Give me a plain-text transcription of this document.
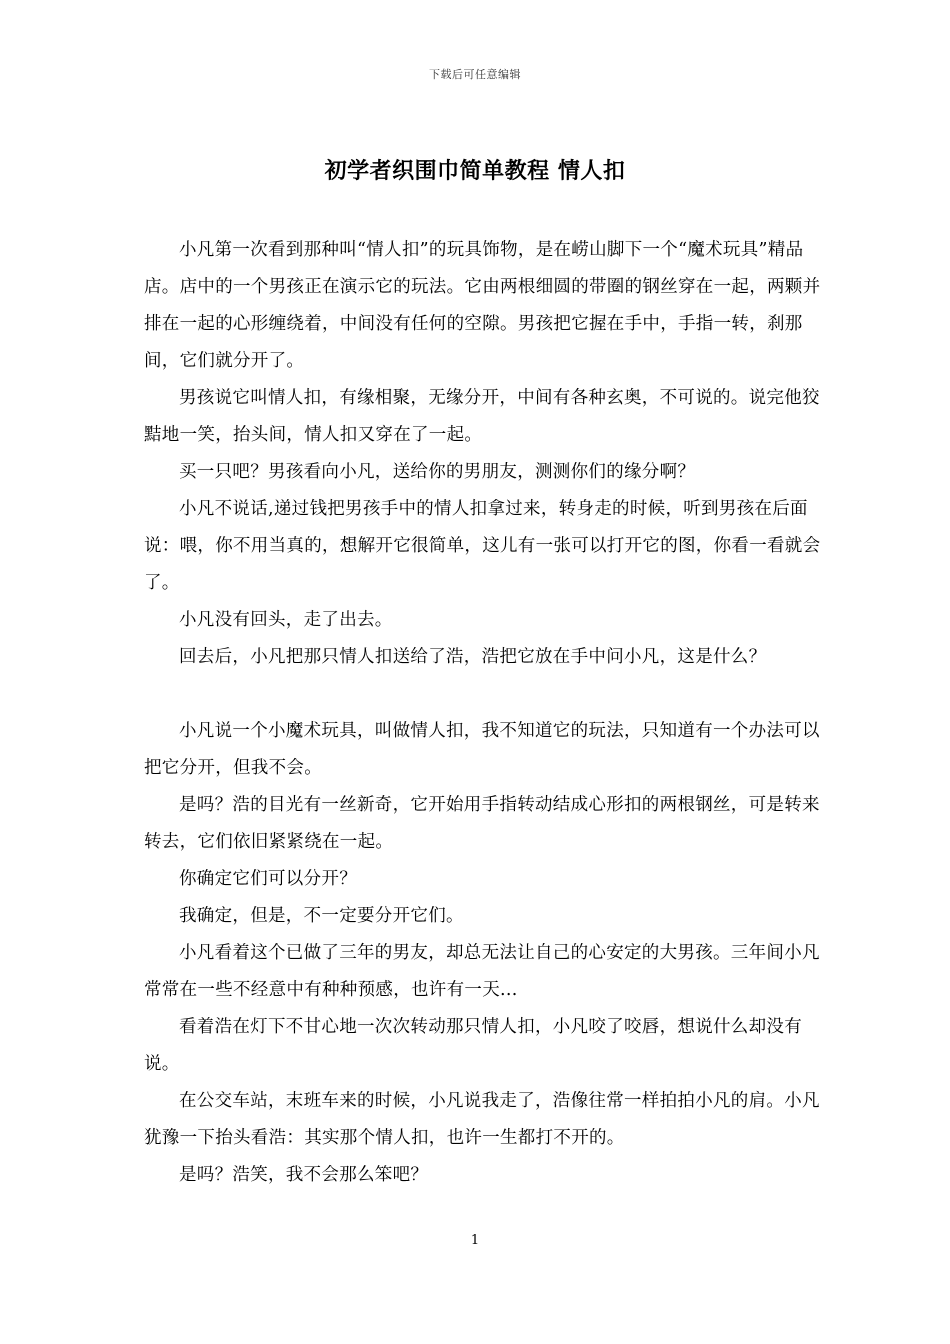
下载后可任意编辑
初学者织围巾简单教程 情人扣

小凡第一次看到那种叫“情人扣”的玩具饰物，是在崂山脚下一个“魔术玩具”精品店。店中的一个男孩正在演示它的玩法。它由两根细圆的带圈的钢丝穿在一起，两颗并排在一起的心形缠绕着，中间没有任何的空隙。男孩把它握在手中，手指一转，刹那间，它们就分开了。

男孩说它叫情人扣，有缘相聚，无缘分开，中间有各种玄奥，不可说的。说完他狡黠地一笑，抬头间，情人扣又穿在了一起。

买一只吧？男孩看向小凡，送给你的男朋友，测测你们的缘分啊？

小凡不说话,递过钱把男孩手中的情人扣拿过来，转身走的时候，听到男孩在后面说：喂，你不用当真的，想解开它很简单，这儿有一张可以打开它的图，你看一看就会了。

小凡没有回头，走了出去。

回去后，小凡把那只情人扣送给了浩，浩把它放在手中问小凡，这是什么？

小凡说一个小魔术玩具，叫做情人扣，我不知道它的玩法，只知道有一个办法可以把它分开，但我不会。

是吗？浩的目光有一丝新奇，它开始用手指转动结成心形扣的两根钢丝，可是转来转去，它们依旧紧紧绕在一起。

你确定它们可以分开？

我确定，但是，不一定要分开它们。

小凡看着这个已做了三年的男友，却总无法让自己的心安定的大男孩。三年间小凡常常在一些不经意中有种种预感，也许有一天...

看着浩在灯下不甘心地一次次转动那只情人扣，小凡咬了咬唇，想说什么却没有说。

在公交车站，末班车来的时候，小凡说我走了，浩像往常一样拍拍小凡的肩。小凡犹豫一下抬头看浩：其实那个情人扣，也许一生都打不开的。

是吗？浩笑，我不会那么笨吧？

1
